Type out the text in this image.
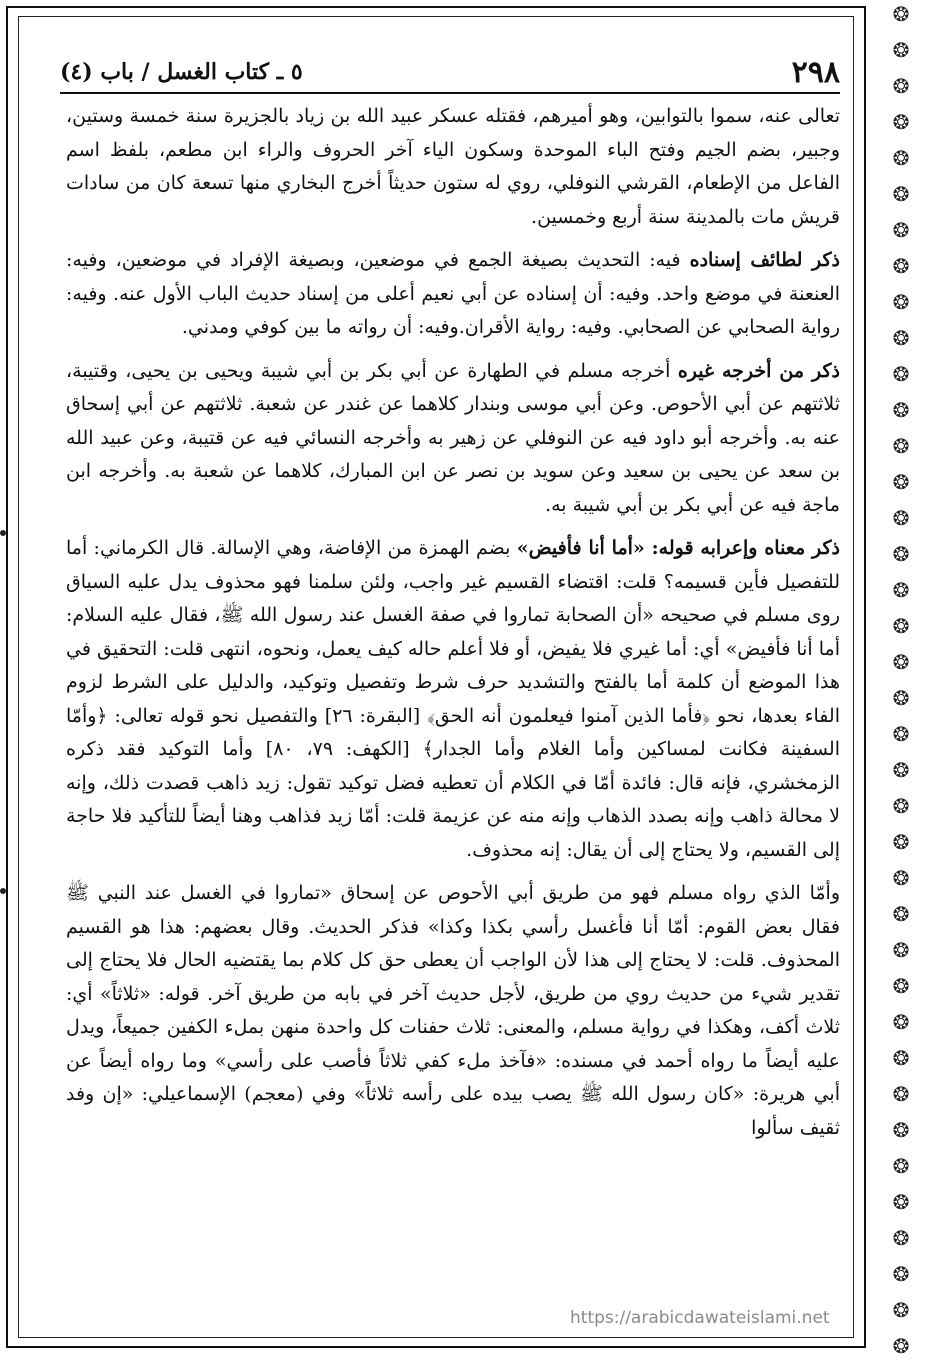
❂
❂
❂
❂
❂
❂
❂
❂
❂
❂
❂
❂
❂
❂
❂
❂
❂
❂
❂
❂
❂
❂
❂
❂
❂
❂
❂
❂
❂
❂
❂
❂
❂
❂
❂
❂
❂
❂
٢٩٨
٥ ـ كتاب الغسل / باب (٤)

تعالى عنه، سموا بالتوابين، وهو أميرهم، فقتله عسكر عبيد الله بن زياد بالجزيرة سنة خمسة وستين، وجبير، بضم الجيم وفتح الباء الموحدة وسكون الياء آخر الحروف والراء ابن مطعم، بلفظ اسم الفاعل من الإطعام، القرشي النوفلي، روي له ستون حديثاً أخرج البخاري منها تسعة كان من سادات قريش مات بالمدينة سنة أربع وخمسين.

ذكر لطائف إسناده فيه: التحديث بصيغة الجمع في موضعين، وبصيغة الإفراد في موضعين، وفيه: العنعنة في موضع واحد. وفيه: أن إسناده عن أبي نعيم أعلى من إسناد حديث الباب الأول عنه. وفيه: رواية الصحابي عن الصحابي. وفيه: رواية الأقران.وفيه: أن رواته ما بين كوفي ومدني.

ذكر من أخرجه غيره أخرجه مسلم في الطهارة عن أبي بكر بن أبي شيبة ويحيى بن يحيى، وقتيبة، ثلاثتهم عن أبي الأحوص. وعن أبي موسى وبندار كلاهما عن غندر عن شعبة. ثلاثتهم عن أبي إسحاق عنه به. وأخرجه أبو داود فيه عن النوفلي عن زهير به وأخرجه النسائي فيه عن قتيبة، وعن عبيد الله بن سعد عن يحيى بن سعيد وعن سويد بن نصر عن ابن المبارك، كلاهما عن شعبة به. وأخرجه ابن ماجة فيه عن أبي بكر بن أبي شيبة به.

ذكر معناه وإعرابه قوله: «أما أنا فأفيض» بضم الهمزة من الإفاضة، وهي الإسالة. قال الكرماني: أما للتفصيل فأين قسيمه؟ قلت: اقتضاء القسيم غير واجب، ولئن سلمنا فهو محذوف يدل عليه السياق روى مسلم في صحيحه «أن الصحابة تماروا في صفة الغسل عند رسول الله ﷺ، فقال عليه السلام: أما أنا فأفيض» أي: أما غيري فلا يفيض، أو فلا أعلم حاله كيف يعمل، ونحوه، انتهى قلت: التحقيق في هذا الموضع أن كلمة أما بالفتح والتشديد حرف شرط وتفصيل وتوكيد، والدليل على الشرط لزوم الفاء بعدها، نحو ﴿فأما الذين آمنوا فيعلمون أنه الحق﴾ [البقرة: ٢٦] والتفصيل نحو قوله تعالى: ﴿وأمّا السفينة فكانت لمساكين وأما الغلام وأما الجدار﴾ [الكهف: ٧٩، ٨٠] وأما التوكيد فقد ذكره الزمخشري، فإنه قال: فائدة أمّا في الكلام أن تعطيه فضل توكيد تقول: زيد ذاهب قصدت ذلك، وإنه لا محالة ذاهب وإنه بصدد الذهاب وإنه منه عن عزيمة قلت: أمّا زيد فذاهب وهنا أيضاً للتأكيد فلا حاجة إلى القسيم، ولا يحتاج إلى أن يقال: إنه محذوف.

وأمّا الذي رواه مسلم فهو من طريق أبي الأحوص عن إسحاق «تماروا في الغسل عند النبي ﷺ فقال بعض القوم: أمّا أنا فأغسل رأسي بكذا وكذا» فذكر الحديث. وقال بعضهم: هذا هو القسيم المحذوف. قلت: لا يحتاج إلى هذا لأن الواجب أن يعطى حق كل كلام بما يقتضيه الحال فلا يحتاج إلى تقدير شيء من حديث روي من طريق، لأجل حديث آخر في بابه من طريق آخر. قوله: «ثلاثاً» أي: ثلاث أكف، وهكذا في رواية مسلم، والمعنى: ثلاث حفنات كل واحدة منهن بملء الكفين جميعاً، ويدل عليه أيضاً ما رواه أحمد في مسنده: «فآخذ ملء كفي ثلاثاً فأصب على رأسي» وما رواه أيضاً عن أبي هريرة: «كان رسول الله ﷺ يصب بيده على رأسه ثلاثاً» وفي (معجم) الإسماعيلي: «إن وفد ثقيف سألوا

https://arabicdawateislami.net
